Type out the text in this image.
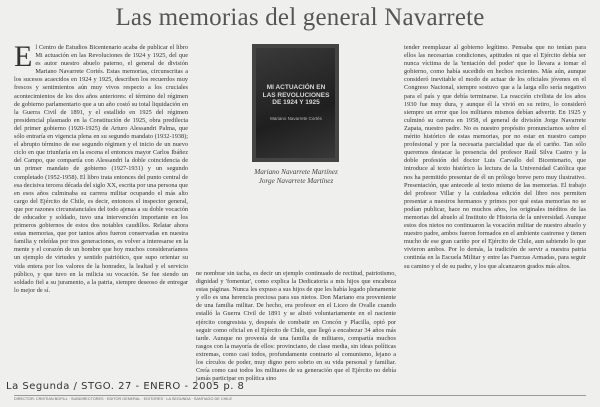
Las memorias del general Navarrete
El Centro de Estudios Bicentenario acaba de publicar el libro Mi actuación en las Revoluciones de 1924 y 1925, del que es autor nuestro abuelo paterno, el general de división Mariano Navarrete Cortés. Estas memorias, circunscritas a los sucesos acaecidos en 1924 y 1925, describen los recuerdos muy frescos y sentimientos aún muy vivos respecto a los cruciales acontecimientos de los dos años anteriores: el término del régimen de gobierno parlamentario que a un año costó su total liquidación en la Guerra Civil de 1891, y el estallido en 1925 del régimen presidencial plasmado en la Constitución de 1925, obra predilecta del primer gobierno (1920-1925) de Arturo Alessandri Palma, que sólo entraría en vigencia plena en su segundo mandato (1932-1938); el abrupto término de ese segundo régimen y el inicio de un nuevo ciclo en que triunfaría en la escena el entonces mayor Carlos Ibáñez del Campo, que compartía con Alessandri la doble coincidencia de un primer mandato de gobierno (1927-1931) y un segundo completado (1952-1958). El libro trata entonces del punto central de esa decisiva tercera década del siglo XX, escrita por una persona que en esos años culminaba su carrera militar ocupando el más alto cargo del Ejército de Chile, es decir, entonces el inspector general, que por razones circunstanciales del todo ajenas a su doble vocación de educador y soldado, tuvo una intervención importante en los primeros gobiernos de estos dos notables caudillos. Relatar ahora estas memorias, que por tantos años fueron conservadas en nuestra familia y releídas por tres generaciones, es volver a interesarse en la mente y el corazón de un hombre que hoy muchos consideraríamos un ejemplo de virtudes y sentido patriótico, que supo orientar su vida entera por los valores de la honradez, la lealtad y el servicio público, y que tuvo en la milicia su vocación. Se fue siendo un soldado fiel a su juramento, a la patria, siempre deseoso de entregar lo mejor de sí.
MI ACTUACIÓN EN LAS REVOLUCIONES DE 1924 Y 1925
Mariano Navarrete Cortés
Mariano Navarrete Martínez
Jorge Navarrete Martínez
ne nombrar sin tacha, es decir un ejemplo continuado de rectitud, patriotismo, dignidad y 'fomentar', como explica la Dedicatoria a mis hijos que encabeza estas páginas. Nunca les expuso a sus hijos de que les había legado plenamente y ello es una herencia preciosa para sus nietos. Don Mariano era proveniente de una familia militar. De hecho, era profesor en el Liceo de Ovalle cuando estalló la Guerra Civil de 1891 y se alistó voluntariamente en el naciente ejército congresista y, después de combatir en Concón y Placilla, optó por seguir como oficial en el Ejército de Chile, que llegó a encabezar 34 años más tarde. Aunque no provenía de una familia de militares, compartía muchos rasgos con la mayoría de ellos: provinciano, de clase media, sin ideas políticas extremas, como casi todos, profundamente contrario al comunismo, lejano a los círculos de poder, muy digno pero sobrio en su vida personal y familiar. Creía como casi todos los militares de su generación que el Ejército no debía jamás participar en política sino
tender reemplazar al gobierno legítimo. Pensaba que no tenían para ellos las necesarias condiciones, aptitudes ni que el Ejército debía ser nunca víctima de la 'tentación del poder' que lo llevara a tomar el gobierno, como había sucedido en hechos recientes. Más aún, aunque consideró inevitable el modo de actuar de los oficiales jóvenes en el Congreso Nacional, siempre sostuvo que a la larga ello sería negativo para el país y que debía terminarse. La reacción civilista de los años 1930 fue muy dura, y aunque él la vivió en su retiro, lo consideró siempre un error que los militares mismos debían advertir. En 1925 y culminó su carrera en 1958, el general de división Jorge Navarrete Zapata, nuestro padre. No es nuestro propósito pronunciarnos sobre el mérito histórico de estas memorias, por no estar en nuestro campo profesional y por la necesaria parcialidad que da el cariño. Tan sólo queremos destacar la presencia del profesor Raúl Silva Castro y la doble profesión del doctor Luis Carvallo del Bicentenario, que introduce al texto histórico la lectura de la Universidad Católica que nos ha permitido presentar de él un prólogo breve pero muy ilustrativo. Presentación, que antecede al texto mismo de las memorias. El trabajo del profesor Villar y la cuidadosa edición del libro nos permiten presentar a nuestros hermanos y primos por qué estas memorias no se podían publicar, hace no muchos años, los originales inéditos de las memorias del abuelo al Instituto de Historia de la universidad. Aunque estos dos nietos no continuaron la vocación militar de nuestro abuelo y nuestro padre, ambos fueron formados en el ambiente castrense y tienen mucho de ese gran cariño por el Ejército de Chile, aun sabiendo lo que vivieron ambos. Por lo demás, la tradición de servir a nuestra patria continúa en la Escuela Militar y entre las Fuerzas Armadas, para seguir su camino y el de su padre, y los que alcanzaron grados más altos.
La Segunda / STGO. 27 - ENERO - 2005 p. 8
DIRECTOR: CRISTIAN BOFILL · SUBDIRECTORES · EDITOR GENERAL · EDITORES · LA SEGUNDA · SANTIAGO DE CHILE
